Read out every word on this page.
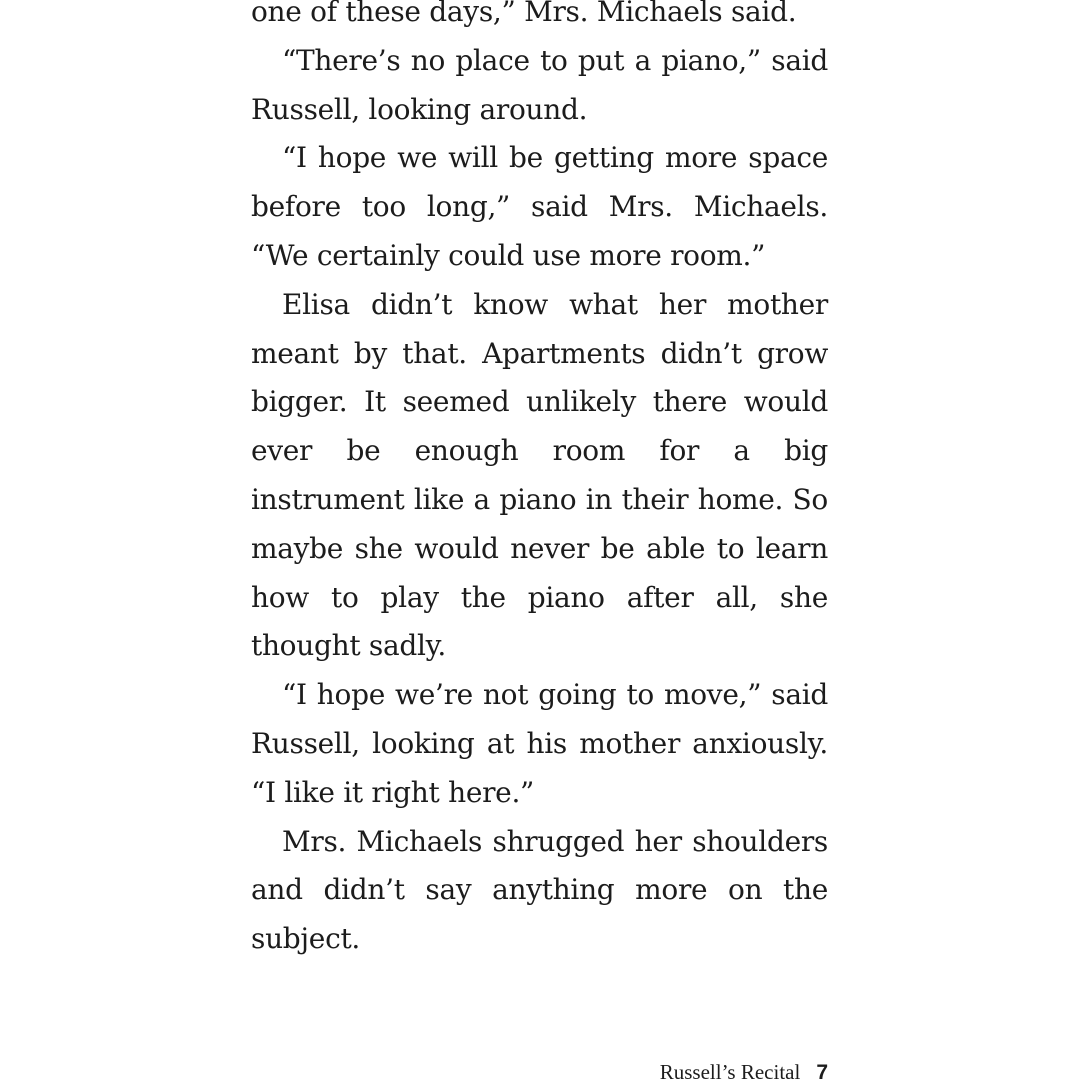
one of these days,” Mrs. Michaels said.

“There’s no place to put a piano,” said Russell, looking around.

“I hope we will be getting more space before too long,” said Mrs. Michaels. “We certainly could use more room.”

Elisa didn’t know what her mother meant by that. Apartments didn’t grow bigger. It seemed unlikely there would ever be enough room for a big instrument like a piano in their home. So maybe she would never be able to learn how to play the piano after all, she thought sadly.

“I hope we’re not going to move,” said Russell, looking at his mother anxiously. “I like it right here.”

Mrs. Michaels shrugged her shoulders and didn’t say anything more on the subject.

Russell’s Recital 7
